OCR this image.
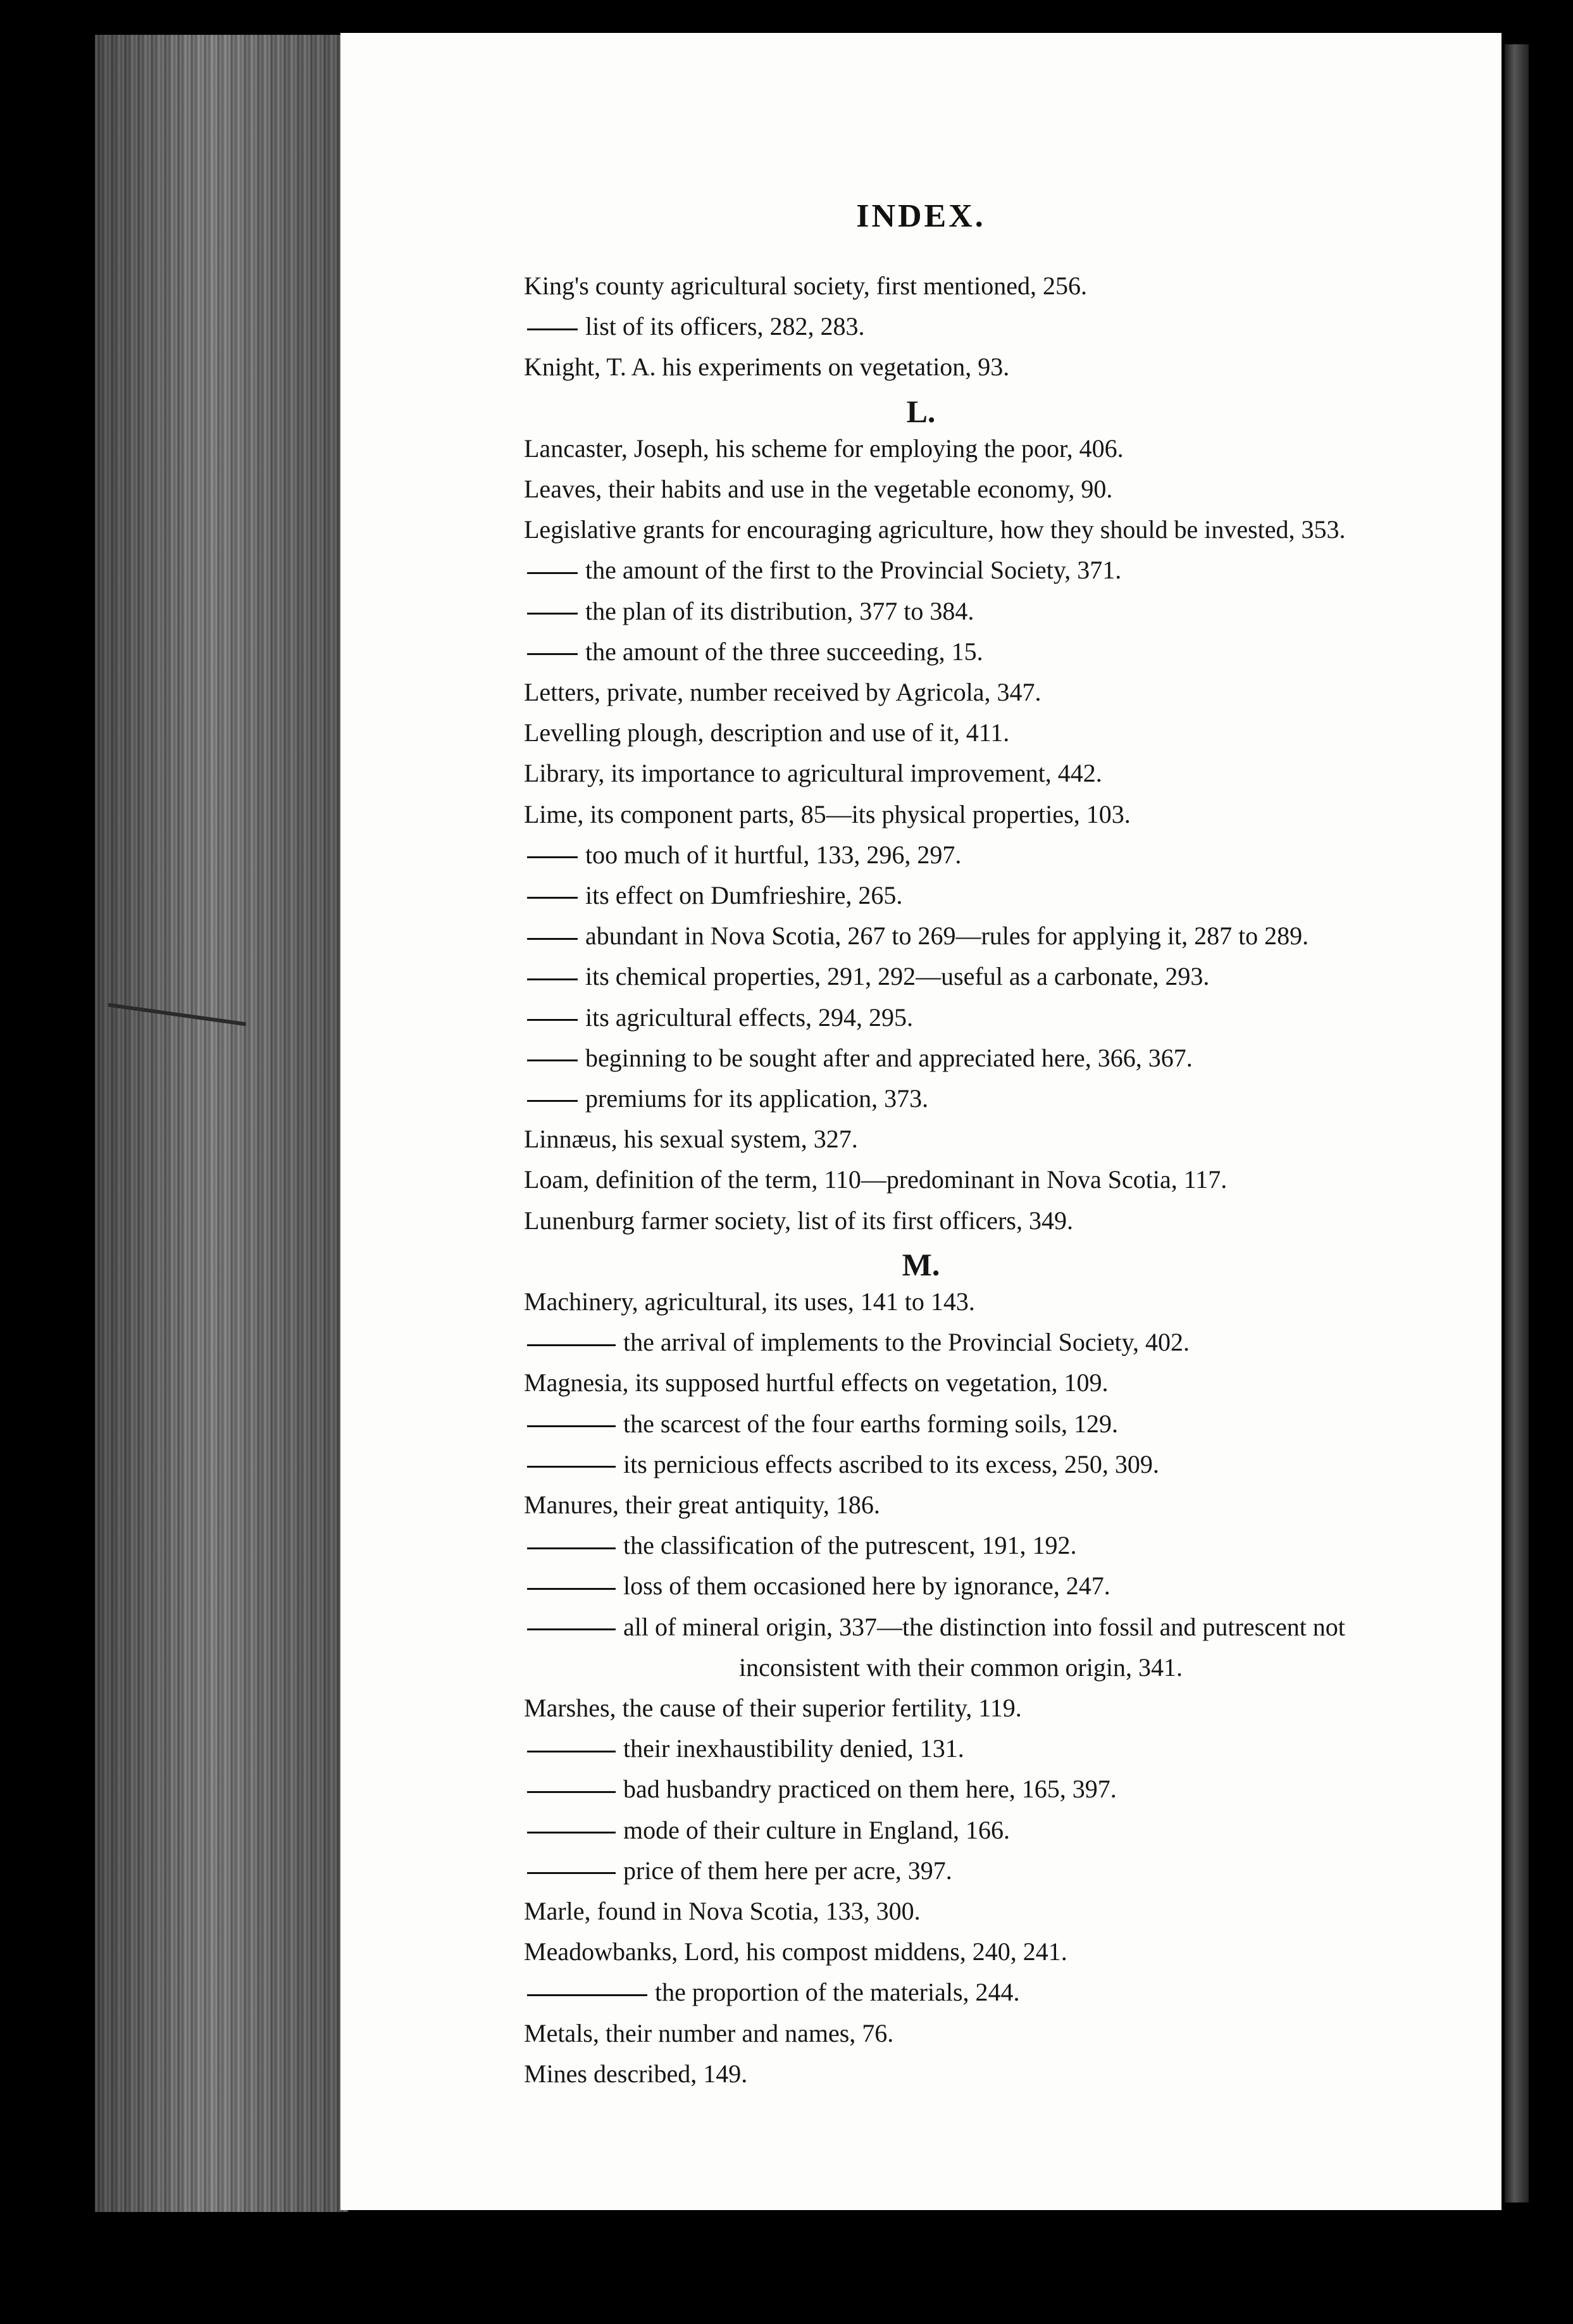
INDEX.
King's county agricultural society, first mentioned, 256.
list of its officers, 282, 283.
Knight, T. A. his experiments on vegetation, 93.
L.
Lancaster, Joseph, his scheme for employing the poor, 406.
Leaves, their habits and use in the vegetable economy, 90.
Legislative grants for encouraging agriculture, how they should be invested, 353.
the amount of the first to the Provincial Society, 371.
the plan of its distribution, 377 to 384.
the amount of the three succeeding, 15.
Letters, private, number received by Agricola, 347.
Levelling plough, description and use of it, 411.
Library, its importance to agricultural improvement, 442.
Lime, its component parts, 85—its physical properties, 103.
too much of it hurtful, 133, 296, 297.
its effect on Dumfrieshire, 265.
abundant in Nova Scotia, 267 to 269—rules for applying it, 287 to 289.
its chemical properties, 291, 292—useful as a carbonate, 293.
its agricultural effects, 294, 295.
beginning to be sought after and appreciated here, 366, 367.
premiums for its application, 373.
Linnæus, his sexual system, 327.
Loam, definition of the term, 110—predominant in Nova Scotia, 117.
Lunenburg farmer society, list of its first officers, 349.
M.
Machinery, agricultural, its uses, 141 to 143.
the arrival of implements to the Provincial Society, 402.
Magnesia, its supposed hurtful effects on vegetation, 109.
the scarcest of the four earths forming soils, 129.
its pernicious effects ascribed to its excess, 250, 309.
Manures, their great antiquity, 186.
the classification of the putrescent, 191, 192.
loss of them occasioned here by ignorance, 247.
all of mineral origin, 337—the distinction into fossil and putrescent not
inconsistent with their common origin, 341.
Marshes, the cause of their superior fertility, 119.
their inexhaustibility denied, 131.
bad husbandry practiced on them here, 165, 397.
mode of their culture in England, 166.
price of them here per acre, 397.
Marle, found in Nova Scotia, 133, 300.
Meadowbanks, Lord, his compost middens, 240, 241.
the proportion of the materials, 244.
Metals, their number and names, 76.
Mines described, 149.
